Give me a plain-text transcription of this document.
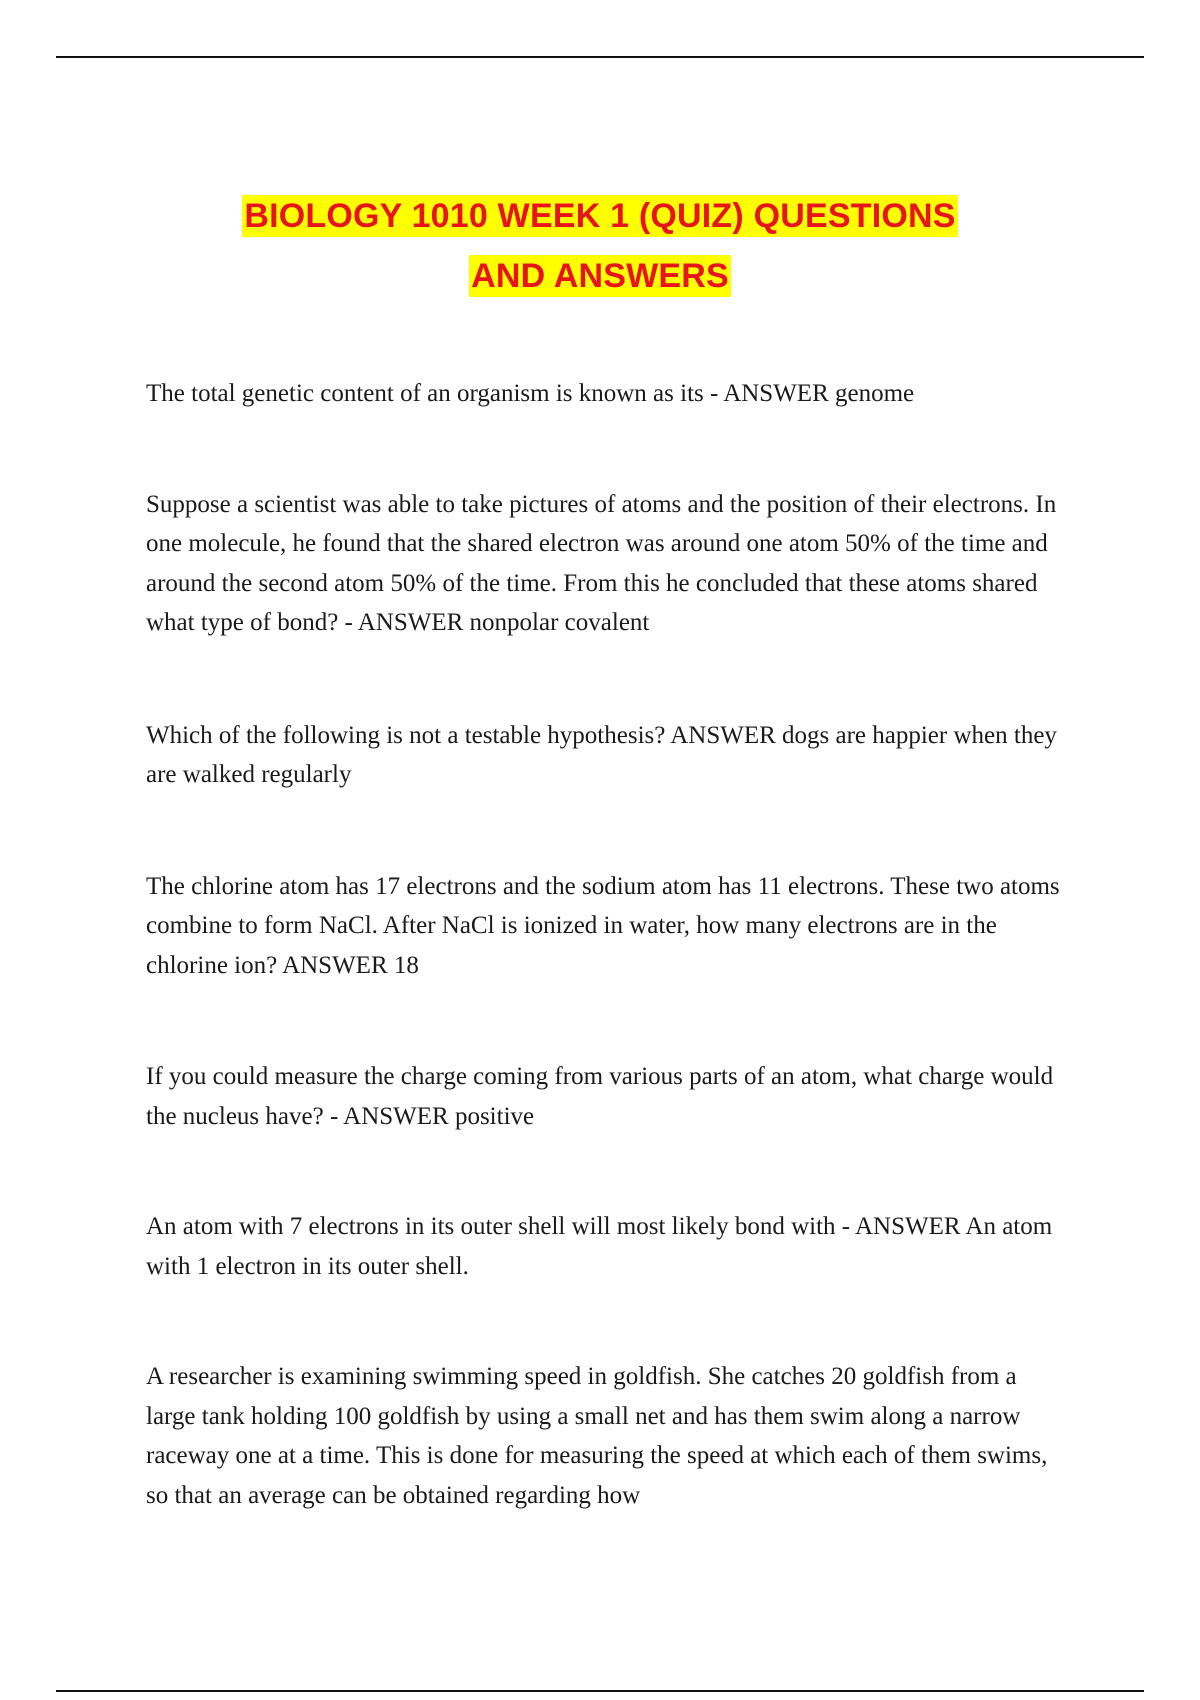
BIOLOGY 1010 WEEK 1 (QUIZ) QUESTIONS
AND ANSWERS

The total genetic content of an organism is known as its - ANSWER genome

Suppose a scientist was able to take pictures of atoms and the position of their electrons. In one molecule, he found that the shared electron was around one atom 50% of the time and around the second atom 50% of the time. From this he concluded that these atoms shared what type of bond? - ANSWER nonpolar covalent

Which of the following is not a testable hypothesis? ANSWER dogs are happier when they are walked regularly

The chlorine atom has 17 electrons and the sodium atom has 11 electrons. These two atoms combine to form NaCl. After NaCl is ionized in water, how many electrons are in the chlorine ion? ANSWER 18

If you could measure the charge coming from various parts of an atom, what charge would the nucleus have? - ANSWER positive

An atom with 7 electrons in its outer shell will most likely bond with - ANSWER An atom with 1 electron in its outer shell.

A researcher is examining swimming speed in goldfish. She catches 20 goldfish from a large tank holding 100 goldfish by using a small net and has them swim along a narrow raceway one at a time. This is done for measuring the speed at which each of them swims, so that an average can be obtained regarding how
